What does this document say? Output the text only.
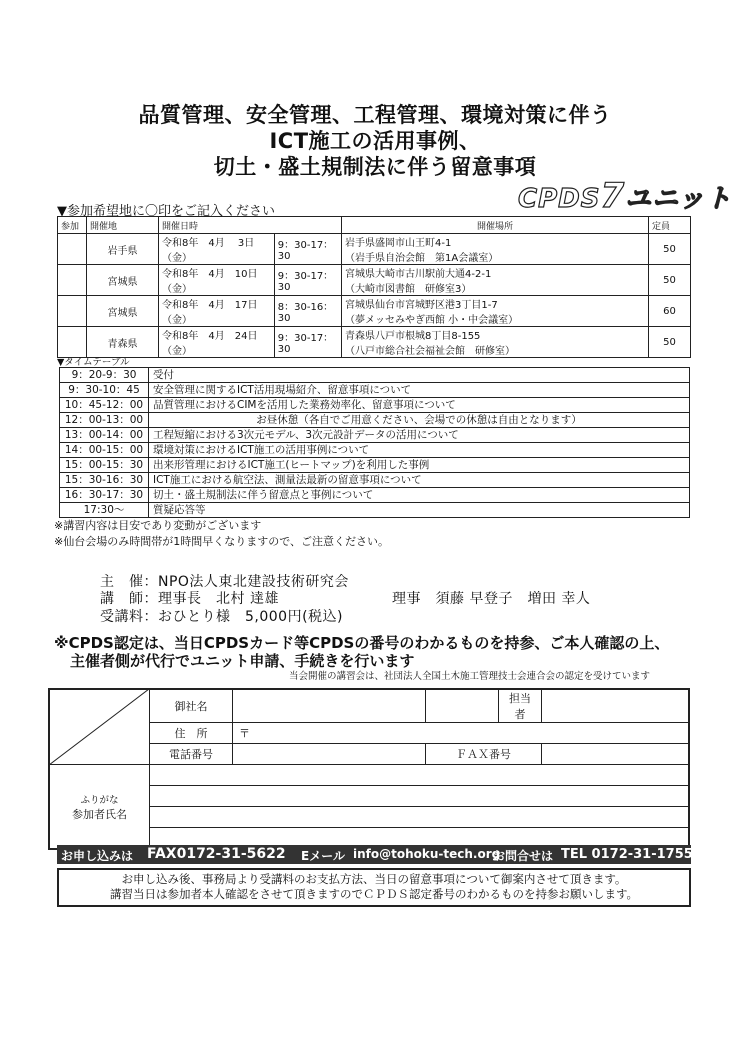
品質管理、安全管理、工程管理、環境対策に伴う
ICT施工の活用事例、
切土・盛土規制法に伴う留意事項
CPDS7ユニット
▼参加希望地に〇印をご記入ください
参加	開催地	開催日時		開催場所	定員
	岩手県	令和8年　4月　 3日（金）	9：30-17：30	岩手県盛岡市山王町4-1
（岩手県自治会館　第1A会議室）	50
	宮城県	令和8年　4月　10日（金）	9：30-17：30	宮城県大崎市古川駅前大通4-2-1
（大崎市図書館　研修室3）	50
	宮城県	令和8年　4月　17日（金）	8：30-16：30	宮城県仙台市宮城野区港3丁目1-7
（夢メッセみやぎ西館 小・中会議室）	60
	青森県	令和8年　4月　24日（金）	9：30-17：30	青森県八戸市根城8丁目8-155
（八戸市総合社会福祉会館　研修室）	50
▼タイムテーブル
9：20-9：30	受付
9：30-10：45	安全管理に関するICT活用現場紹介、留意事項について
10：45-12：00	品質管理におけるCIMを活用した業務効率化、留意事項について
12：00-13：00	お昼休憩（各自でご用意ください、会場での休憩は自由となります）
13：00-14：00	工程短縮における3次元モデル、3次元設計データの活用について
14：00-15：00	環境対策におけるICT施工の活用事例について
15：00-15：30	出来形管理におけるICT施工(ヒートマップ)を利用した事例
15：30-16：30	ICT施工における航空法、測量法最新の留意事項について
16：30-17：30	切土・盛土規制法に伴う留意点と事例について
17:30～	質疑応答等
※講習内容は目安であり変動がございます
※仙台会場のみ時間帯が1時間早くなりますので、ご注意ください。
主　催：NPO法人東北建設技術研究会
講　師：理事長　北村 達雄	理事　須藤 早登子　増田 幸人
受講料：おひとり様　5,000円(税込)
※CPDS認定は、当日CPDSカード等CPDSの番号のわかるものを持参、ご本人確認の上、
主催者側が代行でユニット申請、手続きを行います
当会開催の講習会は、社団法人全国土木施工管理技士会連合会の認定を受けています
	御社名			担当者	
	住　所	〒			
	電話番号		ＦＡＸ番号		

ふりがな
参加者氏名					

お申し込みは FAX0172-31-5622 Eメール info@tohoku-tech.org
お問合せは TEL 0172-31-1755
お申し込み後、事務局より受講料のお支払方法、当日の留意事項について御案内させて頂きます。
講習当日は参加者本人確認をさせて頂きますのでＣＰＤＳ認定番号のわかるものを持参お願いします。
